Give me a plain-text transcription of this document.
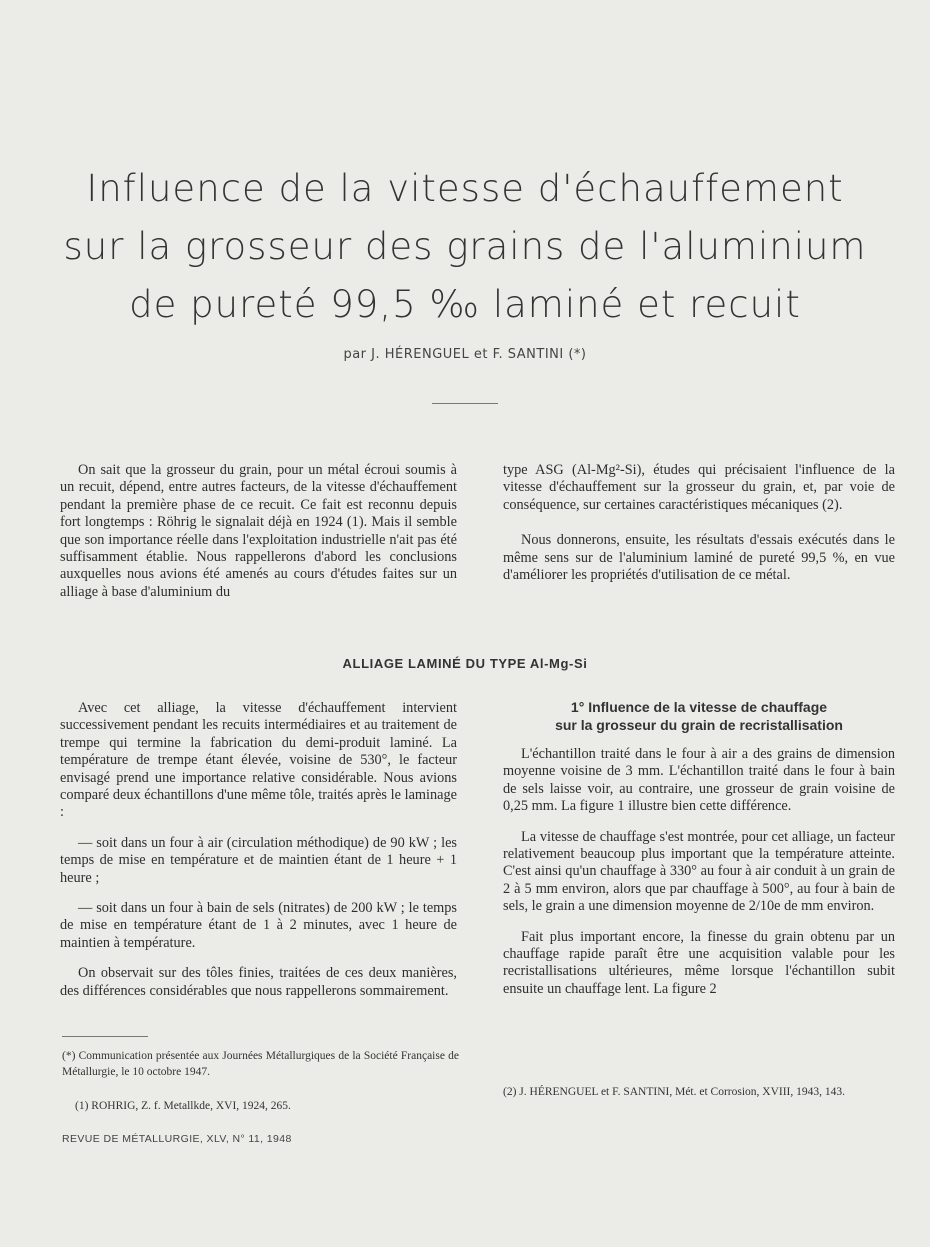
Influence de la vitesse d'échauffement
sur la grosseur des grains de l'aluminium
de pureté 99,5 ‰ laminé et recuit
par J. HÉRENGUEL et F. SANTINI (*)

On sait que la grosseur du grain, pour un métal écroui soumis à un recuit, dépend, entre autres facteurs, de la vitesse d'échauffement pendant la première phase de ce recuit. Ce fait est reconnu depuis fort longtemps : Röhrig le signalait déjà en 1924 (1). Mais il semble que son importance réelle dans l'exploitation industrielle n'ait pas été suffisamment établie. Nous rappellerons d'abord les conclusions auxquelles nous avions été amenés au cours d'études faites sur un alliage à base d'aluminium du

type ASG (Al-Mg²-Si), études qui précisaient l'influence de la vitesse d'échauffement sur la grosseur du grain, et, par voie de conséquence, sur certaines caractéristiques mécaniques (2).

Nous donnerons, ensuite, les résultats d'essais exécutés dans le même sens sur de l'aluminium laminé de pureté 99,5 %, en vue d'améliorer les propriétés d'utilisation de ce métal.

ALLIAGE LAMINÉ DU TYPE Al-Mg-Si

Avec cet alliage, la vitesse d'échauffement intervient successivement pendant les recuits intermédiaires et au traitement de trempe qui termine la fabrication du demi-produit laminé. La température de trempe étant élevée, voisine de 530°, le facteur envisagé prend une importance relative considérable. Nous avions comparé deux échantillons d'une même tôle, traités après le laminage :

— soit dans un four à air (circulation méthodique) de 90 kW ; les temps de mise en température et de maintien étant de 1 heure + 1 heure ;

— soit dans un four à bain de sels (nitrates) de 200 kW ; le temps de mise en température étant de 1 à 2 minutes, avec 1 heure de maintien à température.

On observait sur des tôles finies, traitées de ces deux manières, des différences considérables que nous rappellerons sommairement.

1° Influence de la vitesse de chauffage
sur la grosseur du grain de recristallisation

L'échantillon traité dans le four à air a des grains de dimension moyenne voisine de 3 mm. L'échantillon traité dans le four à bain de sels laisse voir, au contraire, une grosseur de grain voisine de 0,25 mm. La figure 1 illustre bien cette différence.

La vitesse de chauffage s'est montrée, pour cet alliage, un facteur relativement beaucoup plus important que la température atteinte. C'est ainsi qu'un chauffage à 330° au four à air conduit à un grain de 2 à 5 mm environ, alors que par chauffage à 500°, au four à bain de sels, le grain a une dimension moyenne de 2/10e de mm environ.

Fait plus important encore, la finesse du grain obtenu par un chauffage rapide paraît être une acquisition valable pour les recristallisations ultérieures, même lorsque l'échantillon subit ensuite un chauffage lent. La figure 2

(*) Communication présentée aux Journées Métallurgiques de la Société Française de Métallurgie, le 10 octobre 1947.
(1) ROHRIG, Z. f. Metallkde, XVI, 1924, 265.
(2) J. HÉRENGUEL et F. SANTINI, Mét. et Corrosion, XVIII, 1943, 143.
REVUE DE MÉTALLURGIE, XLV, N° 11, 1948
